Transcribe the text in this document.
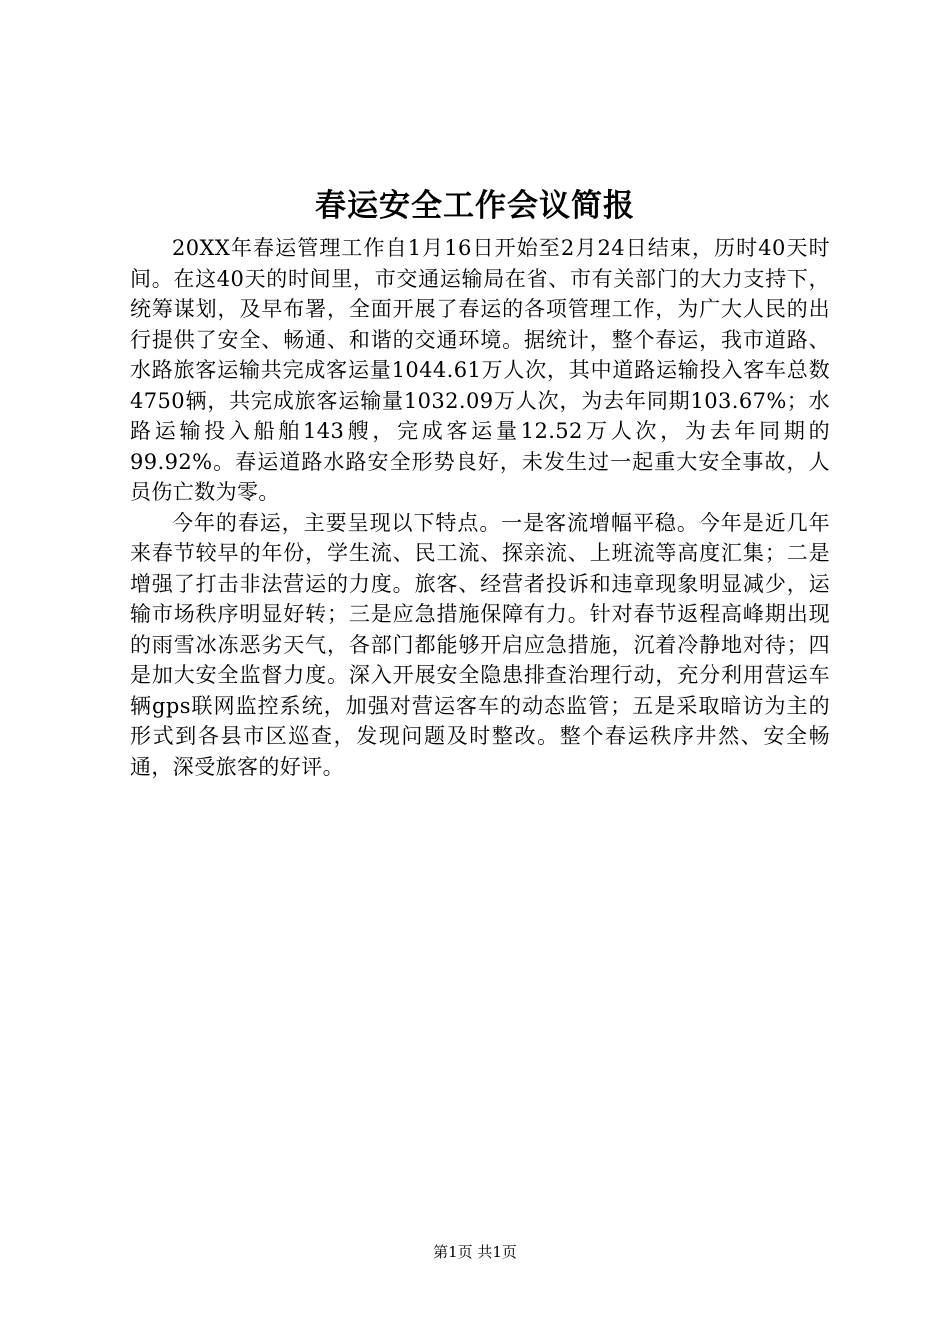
春运安全工作会议简报

20XX年春运管理工作自1月16日开始至2月24日结束，历时40天时间。在这40天的时间里，市交通运输局在省、市有关部门的大力支持下，统筹谋划，及早布署，全面开展了春运的各项管理工作，为广大人民的出行提供了安全、畅通、和谐的交通环境。据统计，整个春运，我市道路、水路旅客运输共完成客运量1044.61万人次，其中道路运输投入客车总数4750辆，共完成旅客运输量1032.09万人次，为去年同期103.67%；水路运输投入船舶143艘，完成客运量12.52万人次，为去年同期的99.92%。春运道路水路安全形势良好，未发生过一起重大安全事故，人员伤亡数为零。

今年的春运，主要呈现以下特点。一是客流增幅平稳。今年是近几年来春节较早的年份，学生流、民工流、探亲流、上班流等高度汇集；二是增强了打击非法营运的力度。旅客、经营者投诉和违章现象明显减少，运输市场秩序明显好转；三是应急措施保障有力。针对春节返程高峰期出现的雨雪冰冻恶劣天气，各部门都能够开启应急措施，沉着冷静地对待；四是加大安全监督力度。深入开展安全隐患排查治理行动，充分利用营运车辆gps联网监控系统，加强对营运客车的动态监管；五是采取暗访为主的形式到各县市区巡查，发现问题及时整改。整个春运秩序井然、安全畅通，深受旅客的好评。

第1页 共1页
